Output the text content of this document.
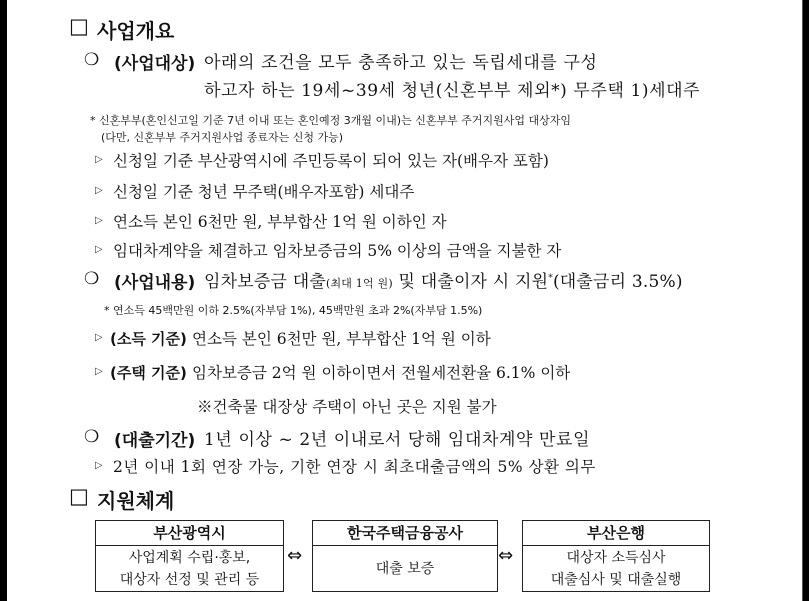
□ 사업개요
❍ (사업대상) 아래의 조건을 모두 충족하고 있는 독립세대를 구성
하고자 하는 19세~39세 청년(신혼부부 제외*) 무주택 1)세대주
* 신혼부부(혼인신고일 기준 7년 이내 또는 혼인예정 3개월 이내)는 신혼부부 주거지원사업 대상자임
(다만, 신혼부부 주거지원사업 종료자는 신청 가능)
▷ 신청일 기준 부산광역시에 주민등록이 되어 있는 자(배우자 포함)
▷ 신청일 기준 청년 무주택(배우자포함) 세대주
▷ 연소득 본인 6천만 원, 부부합산 1억 원 이하인 자
▷ 임대차계약을 체결하고 임차보증금의 5% 이상의 금액을 지불한 자
❍ (사업내용) 임차보증금 대출(최대 1억 원) 및 대출이자 시 지원*(대출금리 3.5%)
* 연소득 45백만원 이하 2.5%(자부담 1%), 45백만원 초과 2%(자부담 1.5%)
▷ (소득 기준) 연소득 본인 6천만 원, 부부합산 1억 원 이하
▷ (주택 기준) 임차보증금 2억 원 이하이면서 전월세전환율 6.1% 이하
※건축물 대장상 주택이 아닌 곳은 지원 불가
❍ (대출기간) 1년 이상 ~ 2년 이내로서 당해 임대차계약 만료일
▷ 2년 이내 1회 연장 가능, 기한 연장 시 최초대출금액의 5% 상환 의무
□ 지원체계
부산광역시
사업계획 수립·홍보,
대상자 선정 및 관리 등
⇔
한국주택금융공사
대출 보증
⇔
부산은행
대상자 소득심사
대출심사 및 대출실행
